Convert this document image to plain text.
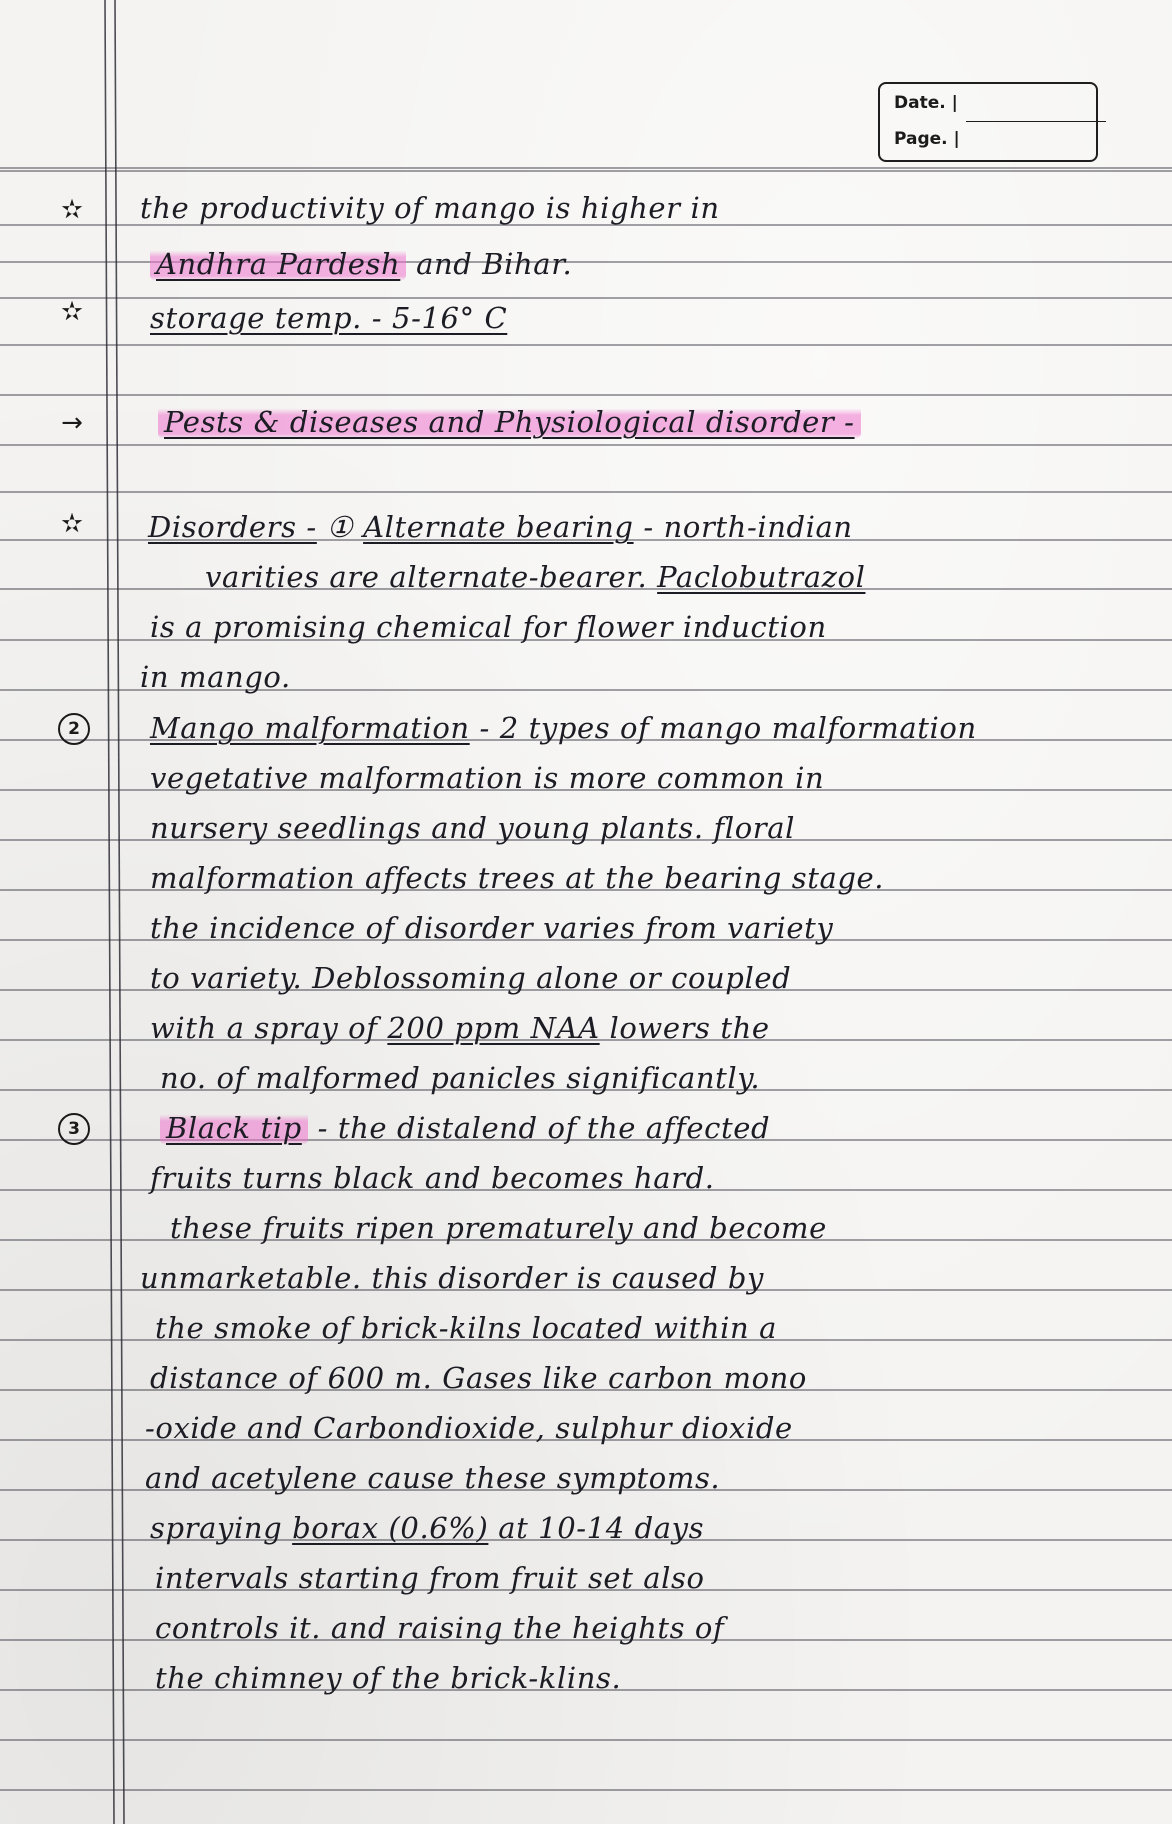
Date. |
Page. |
✫
✫
→
✫
2
3
the productivity of mango is higher in
Andhra Pardesh and Bihar.
storage temp. - 5-16° C
Pests & diseases and Physiological disorder -
Disorders - ① Alternate bearing - north-indian
varities are alternate-bearer. Paclobutrazol
is a promising chemical for flower induction
in mango.
Mango malformation - 2 types of mango malformation
vegetative malformation is more common in
nursery seedlings and young plants. floral
malformation affects trees at the bearing stage.
the incidence of disorder varies from variety
to variety. Deblossoming alone or coupled
with a spray of 200 ppm NAA lowers the
no. of malformed panicles significantly.
Black tip - the distalend of the affected
fruits turns black and becomes hard.
these fruits ripen prematurely and become
unmarketable. this disorder is caused by
the smoke of brick-kilns located within a
distance of 600 m. Gases like carbon mono
-oxide and Carbondioxide, sulphur dioxide
and acetylene cause these symptoms.
spraying borax (0.6%) at 10-14 days
intervals starting from fruit set also
controls it. and raising the heights of
the chimney of the brick-klins.
